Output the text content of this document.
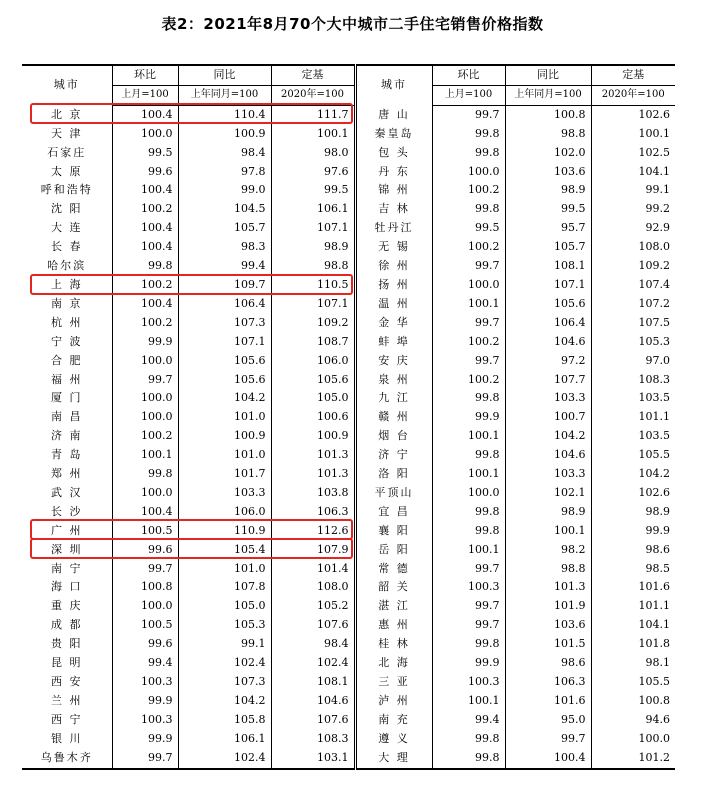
表2：2021年8月70个大中城市二手住宅销售价格指数
城市	环比	同比	定基	城市	环比	同比	定基
	上月=100	上年同月=100	2020年=100		上月=100	上年同月=100	2020年=100
北 京	100.4	110.4	111.7	唐 山	99.7	100.8	102.6
天 津	100.0	100.9	100.1	秦皇岛	99.8	98.8	100.1
石家庄	99.5	98.4	98.0	包 头	99.8	102.0	102.5
太 原	99.6	97.8	97.6	丹 东	100.0	103.6	104.1
呼和浩特	100.4	99.0	99.5	锦 州	100.2	98.9	99.1
沈 阳	100.2	104.5	106.1	吉 林	99.8	99.5	99.2
大 连	100.4	105.7	107.1	牡丹江	99.5	95.7	92.9
长 春	100.4	98.3	98.9	无 锡	100.2	105.7	108.0
哈尔滨	99.8	99.4	98.8	徐 州	99.7	108.1	109.2
上 海	100.2	109.7	110.5	扬 州	100.0	107.1	107.4
南 京	100.4	106.4	107.1	温 州	100.1	105.6	107.2
杭 州	100.2	107.3	109.2	金 华	99.7	106.4	107.5
宁 波	99.9	107.1	108.7	蚌 埠	100.2	104.6	105.3
合 肥	100.0	105.6	106.0	安 庆	99.7	97.2	97.0
福 州	99.7	105.6	105.6	泉 州	100.2	107.7	108.3
厦 门	100.0	104.2	105.0	九 江	99.8	103.3	103.5
南 昌	100.0	101.0	100.6	赣 州	99.9	100.7	101.1
济 南	100.2	100.9	100.9	烟 台	100.1	104.2	103.5
青 岛	100.1	101.0	101.3	济 宁	99.8	104.6	105.5
郑 州	99.8	101.7	101.3	洛 阳	100.1	103.3	104.2
武 汉	100.0	103.3	103.8	平顶山	100.0	102.1	102.6
长 沙	100.4	106.0	106.3	宜 昌	99.8	98.9	98.9
广 州	100.5	110.9	112.6	襄 阳	99.8	100.1	99.9
深 圳	99.6	105.4	107.9	岳 阳	100.1	98.2	98.6
南 宁	99.7	101.0	101.4	常 德	99.7	98.8	98.5
海 口	100.8	107.8	108.0	韶 关	100.3	101.3	101.6
重 庆	100.0	105.0	105.2	湛 江	99.7	101.9	101.1
成 都	100.5	105.3	107.6	惠 州	99.7	103.6	104.1
贵 阳	99.6	99.1	98.4	桂 林	99.8	101.5	101.8
昆 明	99.4	102.4	102.4	北 海	99.9	98.6	98.1
西 安	100.3	107.3	108.1	三 亚	100.3	106.3	105.5
兰 州	99.9	104.2	104.6	泸 州	100.1	101.6	100.8
西 宁	100.3	105.8	107.6	南 充	99.4	95.0	94.6
银 川	99.9	106.1	108.3	遵 义	99.8	99.7	100.0
乌鲁木齐	99.7	102.4	103.1	大 理	99.8	100.4	101.2
